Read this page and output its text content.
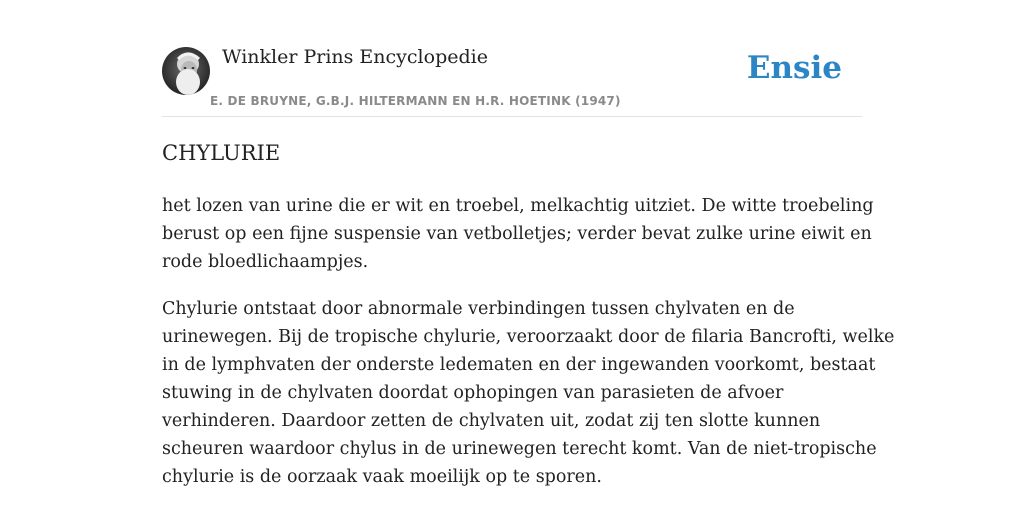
Winkler Prins Encyclopedie
E. DE BRUYNE, G.B.J. HILTERMANN EN H.R. HOETINK (1947)
Ensie
CHYLURIE

het lozen van urine die er wit en troebel, melkachtig uitziet. De witte troebeling
berust op een fijne suspensie van vetbolletjes; verder bevat zulke urine eiwit en
rode bloedlichaampjes.

Chylurie ontstaat door abnormale verbindingen tussen chylvaten en de
urinewegen. Bij de tropische chylurie, veroorzaakt door de filaria Bancrofti, welke
in de lymphvaten der onderste ledematen en der ingewanden voorkomt, bestaat
stuwing in de chylvaten doordat ophopingen van parasieten de afvoer
verhinderen. Daardoor zetten de chylvaten uit, zodat zij ten slotte kunnen
scheuren waardoor chylus in de urinewegen terecht komt. Van de niet-tropische
chylurie is de oorzaak vaak moeilijk op te sporen.
